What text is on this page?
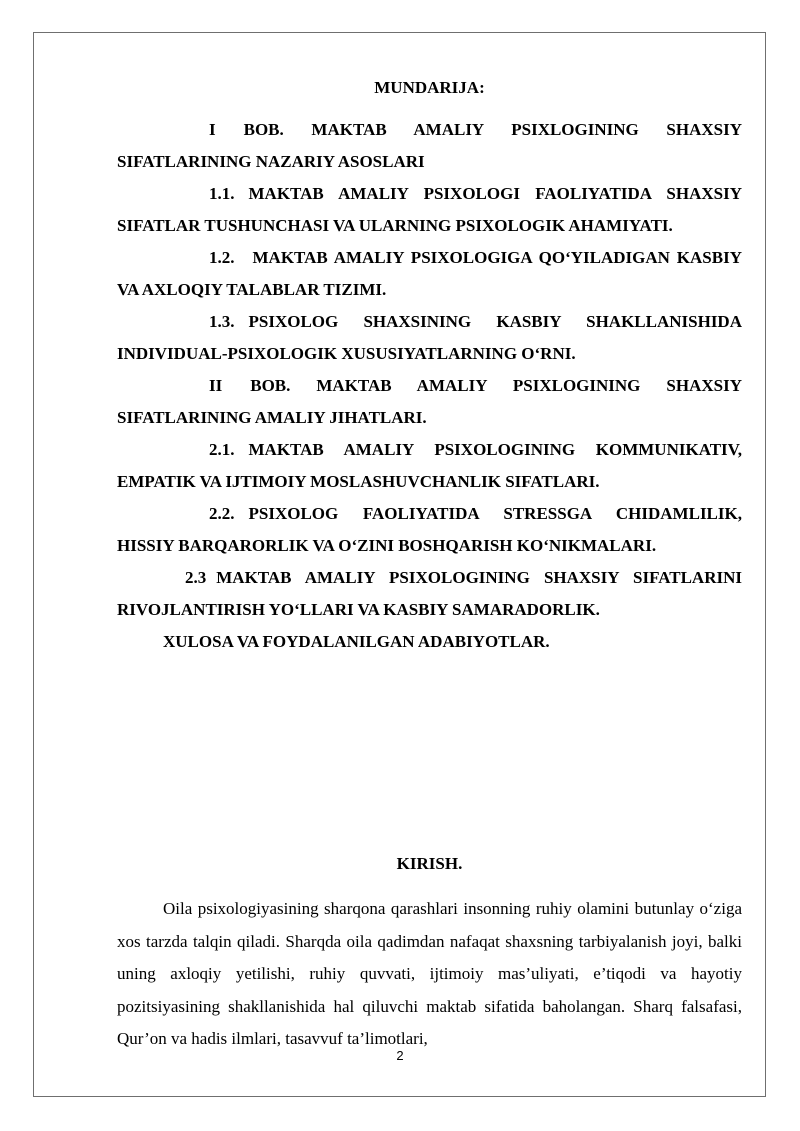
MUNDARIJA:

I BOB. MAKTAB AMALIY PSIXLOGINING SHAXSIY SIFATLARINING NAZARIY ASOSLARI

1.1. MAKTAB AMALIY PSIXOLOGI FAOLIYATIDA SHAXSIY SIFATLAR TUSHUNCHASI VA ULARNING PSIXOLOGIK AHAMIYATI.

1.2. MAKTAB AMALIY PSIXOLOGIGA QO‘YILADIGAN KASBIY VA AXLOQIY TALABLAR TIZIMI.

1.3. PSIXOLOG SHAXSINING KASBIY SHAKLLANISHIDA INDIVIDUAL-PSIXOLOGIK XUSUSIYATLARNING O‘RNI.

II BOB. MAKTAB AMALIY PSIXLOGINING SHAXSIY SIFATLARINING AMALIY JIHATLARI.

2.1. MAKTAB AMALIY PSIXOLOGINING KOMMUNIKATIV, EMPATIK VA IJTIMOIY MOSLASHUVCHANLIK SIFATLARI.

2.2. PSIXOLOG FAOLIYATIDA STRESSGA CHIDAMLILIK, HISSIY BARQARORLIK VA O‘ZINI BOSHQARISH KO‘NIKMALARI.

2.3 MAKTAB AMALIY PSIXOLOGINING SHAXSIY SIFATLARINI RIVOJLANTIRISH YO‘LLARI VA KASBIY SAMARADORLIK.

XULOSA VA FOYDALANILGAN ADABIYOTLAR.

KIRISH.

Oila psixologiyasining sharqona qarashlari insonning ruhiy olamini butunlay o‘ziga xos tarzda talqin qiladi. Sharqda oila qadimdan nafaqat shaxsning tarbiyalanish joyi, balki uning axloqiy yetilishi, ruhiy quvvati, ijtimoiy mas’uliyati, e’tiqodi va hayotiy pozitsiyasining shakllanishida hal qiluvchi maktab sifatida baholangan. Sharq falsafasi, Qur’on va hadis ilmlari, tasavvuf ta’limotlari,

2
